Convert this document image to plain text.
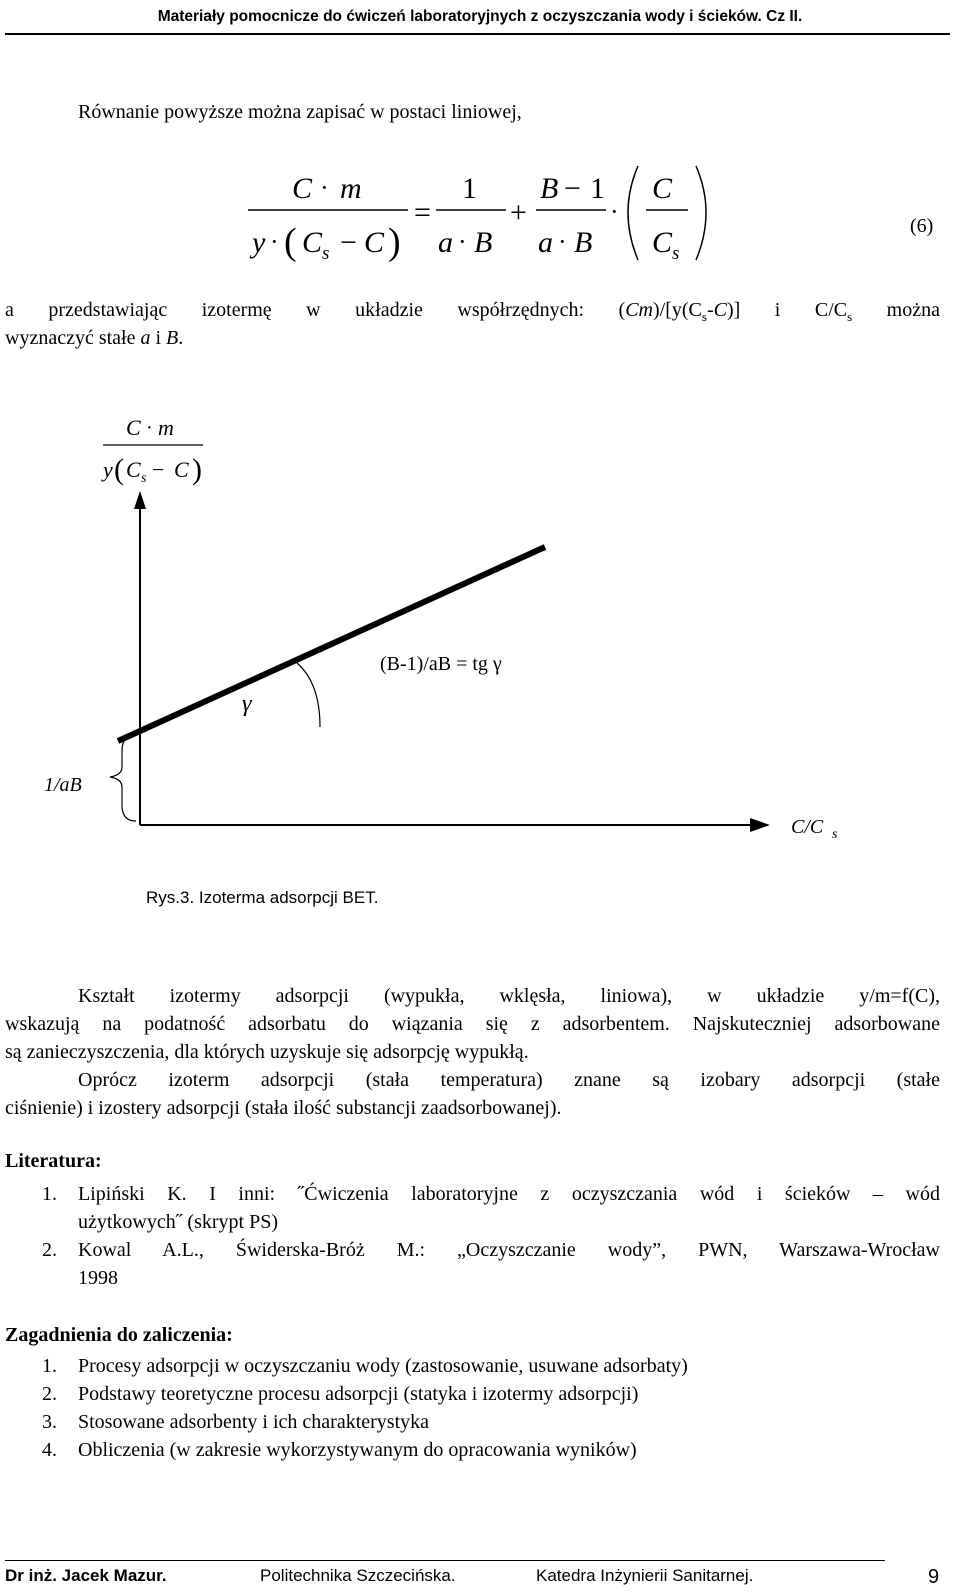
Materiały pomocnicze do ćwiczeń laboratoryjnych z oczyszczania wody i ścieków. Cz II.
Równanie powyższe można zapisać w postaci liniowej,
C · m
y · ( C s − C )
=
1
a · B
+
B − 1
a · B
·
C
C s
(6)
a przedstawiając izotermę w układzie współrzędnych: $(Cm)/[y(C_s-C)]$ i $C/C_s$ można
wyznaczyć stałe a i B.
C · m
y ( C s − C )
(B-1)/aB = tg γ
γ
1/aB
C/C s
Rys.3. Izoterma adsorpcji BET.
Kształt izotermy adsorpcji (wypukła, wklęsła, liniowa), w układzie y/m=f(C),
wskazują na podatność adsorbatu do wiązania się z adsorbentem. Najskuteczniej adsorbowane
są zanieczyszczenia, dla których uzyskuje się adsorpcję wypukłą.
Oprócz izoterm adsorpcji (stała temperatura) znane są izobary adsorpcji (stałe
ciśnienie) i izostery adsorpcji (stała ilość substancji zaadsorbowanej).
Literatura:
1. Lipiński K. I inni: ˝Ćwiczenia laboratoryjne z oczyszczania wód i ścieków – wód
użytkowych˝ (skrypt PS)
2. Kowal A.L., Świderska-Bróż M.: „Oczyszczanie wody”, PWN, Warszawa-Wrocław
1998
Zagadnienia do zaliczenia:
1. Procesy adsorpcji w oczyszczaniu wody (zastosowanie, usuwane adsorbaty)
2. Podstawy teoretyczne procesu adsorpcji (statyka i izotermy adsorpcji)
3. Stosowane adsorbenty i ich charakterystyka
4. Obliczenia (w zakresie wykorzystywanym do opracowania wyników)
Dr inż. Jacek Mazur.	Politechnika Szczecińska.	Katedra Inżynierii Sanitarnej.	9
